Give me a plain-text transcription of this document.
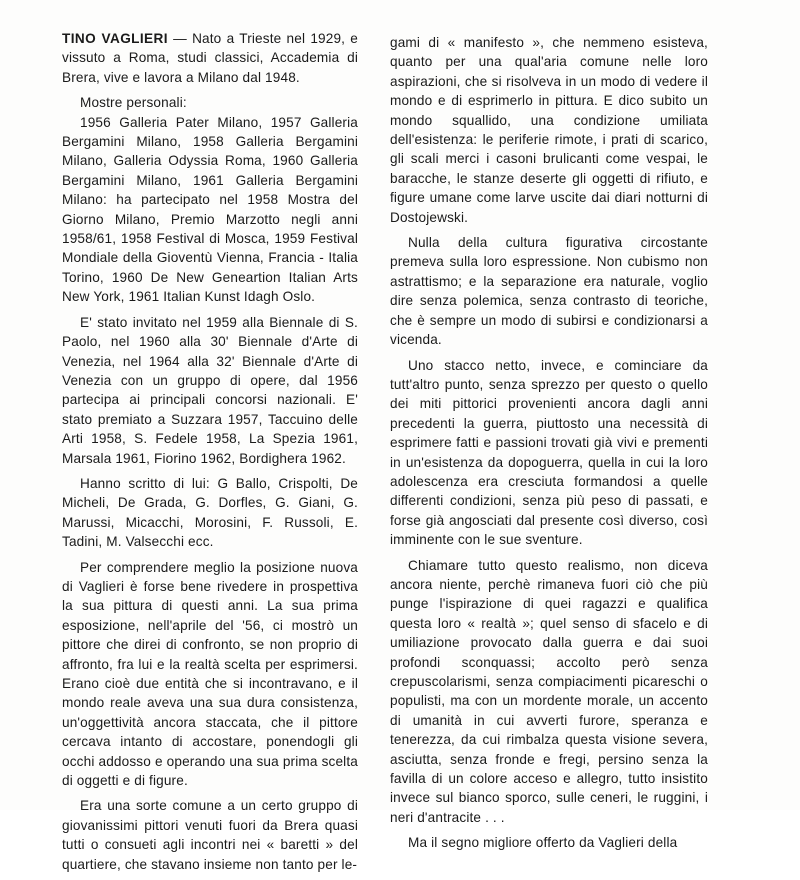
TINO VAGLIERI — Nato a Trieste nel 1929, e vissuto a Roma, studi classici, Accademia di Brera, vive e lavora a Milano dal 1948.

Mostre personali:

1956 Galleria Pater Milano, 1957 Galleria Bergamini Milano, 1958 Galleria Bergamini Milano, Galleria Odyssia Roma, 1960 Galleria Bergamini Milano, 1961 Galleria Bergamini Milano: ha partecipato nel 1958 Mostra del Giorno Milano, Premio Marzotto negli anni 1958/61, 1958 Festival di Mosca, 1959 Festival Mondiale della Gioventù Vienna, Francia - Italia Torino, 1960 De New Geneartion Italian Arts New York, 1961 Italian Kunst Idagh Oslo.

E' stato invitato nel 1959 alla Biennale di S. Paolo, nel 1960 alla 30' Biennale d'Arte di Venezia, nel 1964 alla 32' Biennale d'Arte di Venezia con un gruppo di opere, dal 1956 partecipa ai principali concorsi nazionali. E' stato premiato a Suzzara 1957, Taccuino delle Arti 1958, S. Fedele 1958, La Spezia 1961, Marsala 1961, Fiorino 1962, Bordighera 1962.

Hanno scritto di lui: G Ballo, Crispolti, De Micheli, De Grada, G. Dorfles, G. Giani, G. Marussi, Micacchi, Morosini, F. Russoli, E. Tadini, M. Valsecchi ecc.

Per comprendere meglio la posizione nuova di Vaglieri è forse bene rivedere in prospettiva la sua pittura di questi anni. La sua prima esposizione, nell'aprile del '56, ci mostrò un pittore che direi di confronto, se non proprio di affronto, fra lui e la realtà scelta per esprimersi. Erano cioè due entità che si incontravano, e il mondo reale aveva una sua dura consistenza, un'oggettività ancora staccata, che il pittore cercava intanto di accostare, ponendogli gli occhi addosso e operando una sua prima scelta di oggetti e di figure.

Era una sorte comune a un certo gruppo di giovanissimi pittori venuti fuori da Brera quasi tutti o consueti agli incontri nei « baretti » del quartiere, che stavano insieme non tanto per le-

gami di « manifesto », che nemmeno esisteva, quanto per una qual'aria comune nelle loro aspirazioni, che si risolveva in un modo di vedere il mondo e di esprimerlo in pittura. E dico subito un mondo squallido, una condizione umiliata dell'esistenza: le periferie rimote, i prati di scarico, gli scali merci i casoni brulicanti come vespai, le baracche, le stanze deserte gli oggetti di rifiuto, e figure umane come larve uscite dai diari notturni di Dostojewski.

Nulla della cultura figurativa circostante premeva sulla loro espressione. Non cubismo non astrattismo; e la separazione era naturale, voglio dire senza polemica, senza contrasto di teoriche, che è sempre un modo di subirsi e condizionarsi a vicenda.

Uno stacco netto, invece, e cominciare da tutt'altro punto, senza sprezzo per questo o quello dei miti pittorici provenienti ancora dagli anni precedenti la guerra, piuttosto una necessità di esprimere fatti e passioni trovati già vivi e prementi in un'esistenza da dopoguerra, quella in cui la loro adolescenza era cresciuta formandosi a quelle differenti condizioni, senza più peso di passati, e forse già angosciati dal presente così diverso, così imminente con le sue sventure.

Chiamare tutto questo realismo, non diceva ancora niente, perchè rimaneva fuori ciò che più punge l'ispirazione di quei ragazzi e qualifica questa loro « realtà »; quel senso di sfacelo e di umiliazione provocato dalla guerra e dai suoi profondi sconquassi; accolto però senza crepuscolarismi, senza compiacimenti picareschi o populisti, ma con un mordente morale, un accento di umanità in cui avverti furore, speranza e tenerezza, da cui rimbalza questa visione severa, asciutta, senza fronde e fregi, persino senza la favilla di un colore acceso e allegro, tutto insistito invece sul bianco sporco, sulle ceneri, le ruggini, i neri d'antracite . . .

Ma il segno migliore offerto da Vaglieri della
